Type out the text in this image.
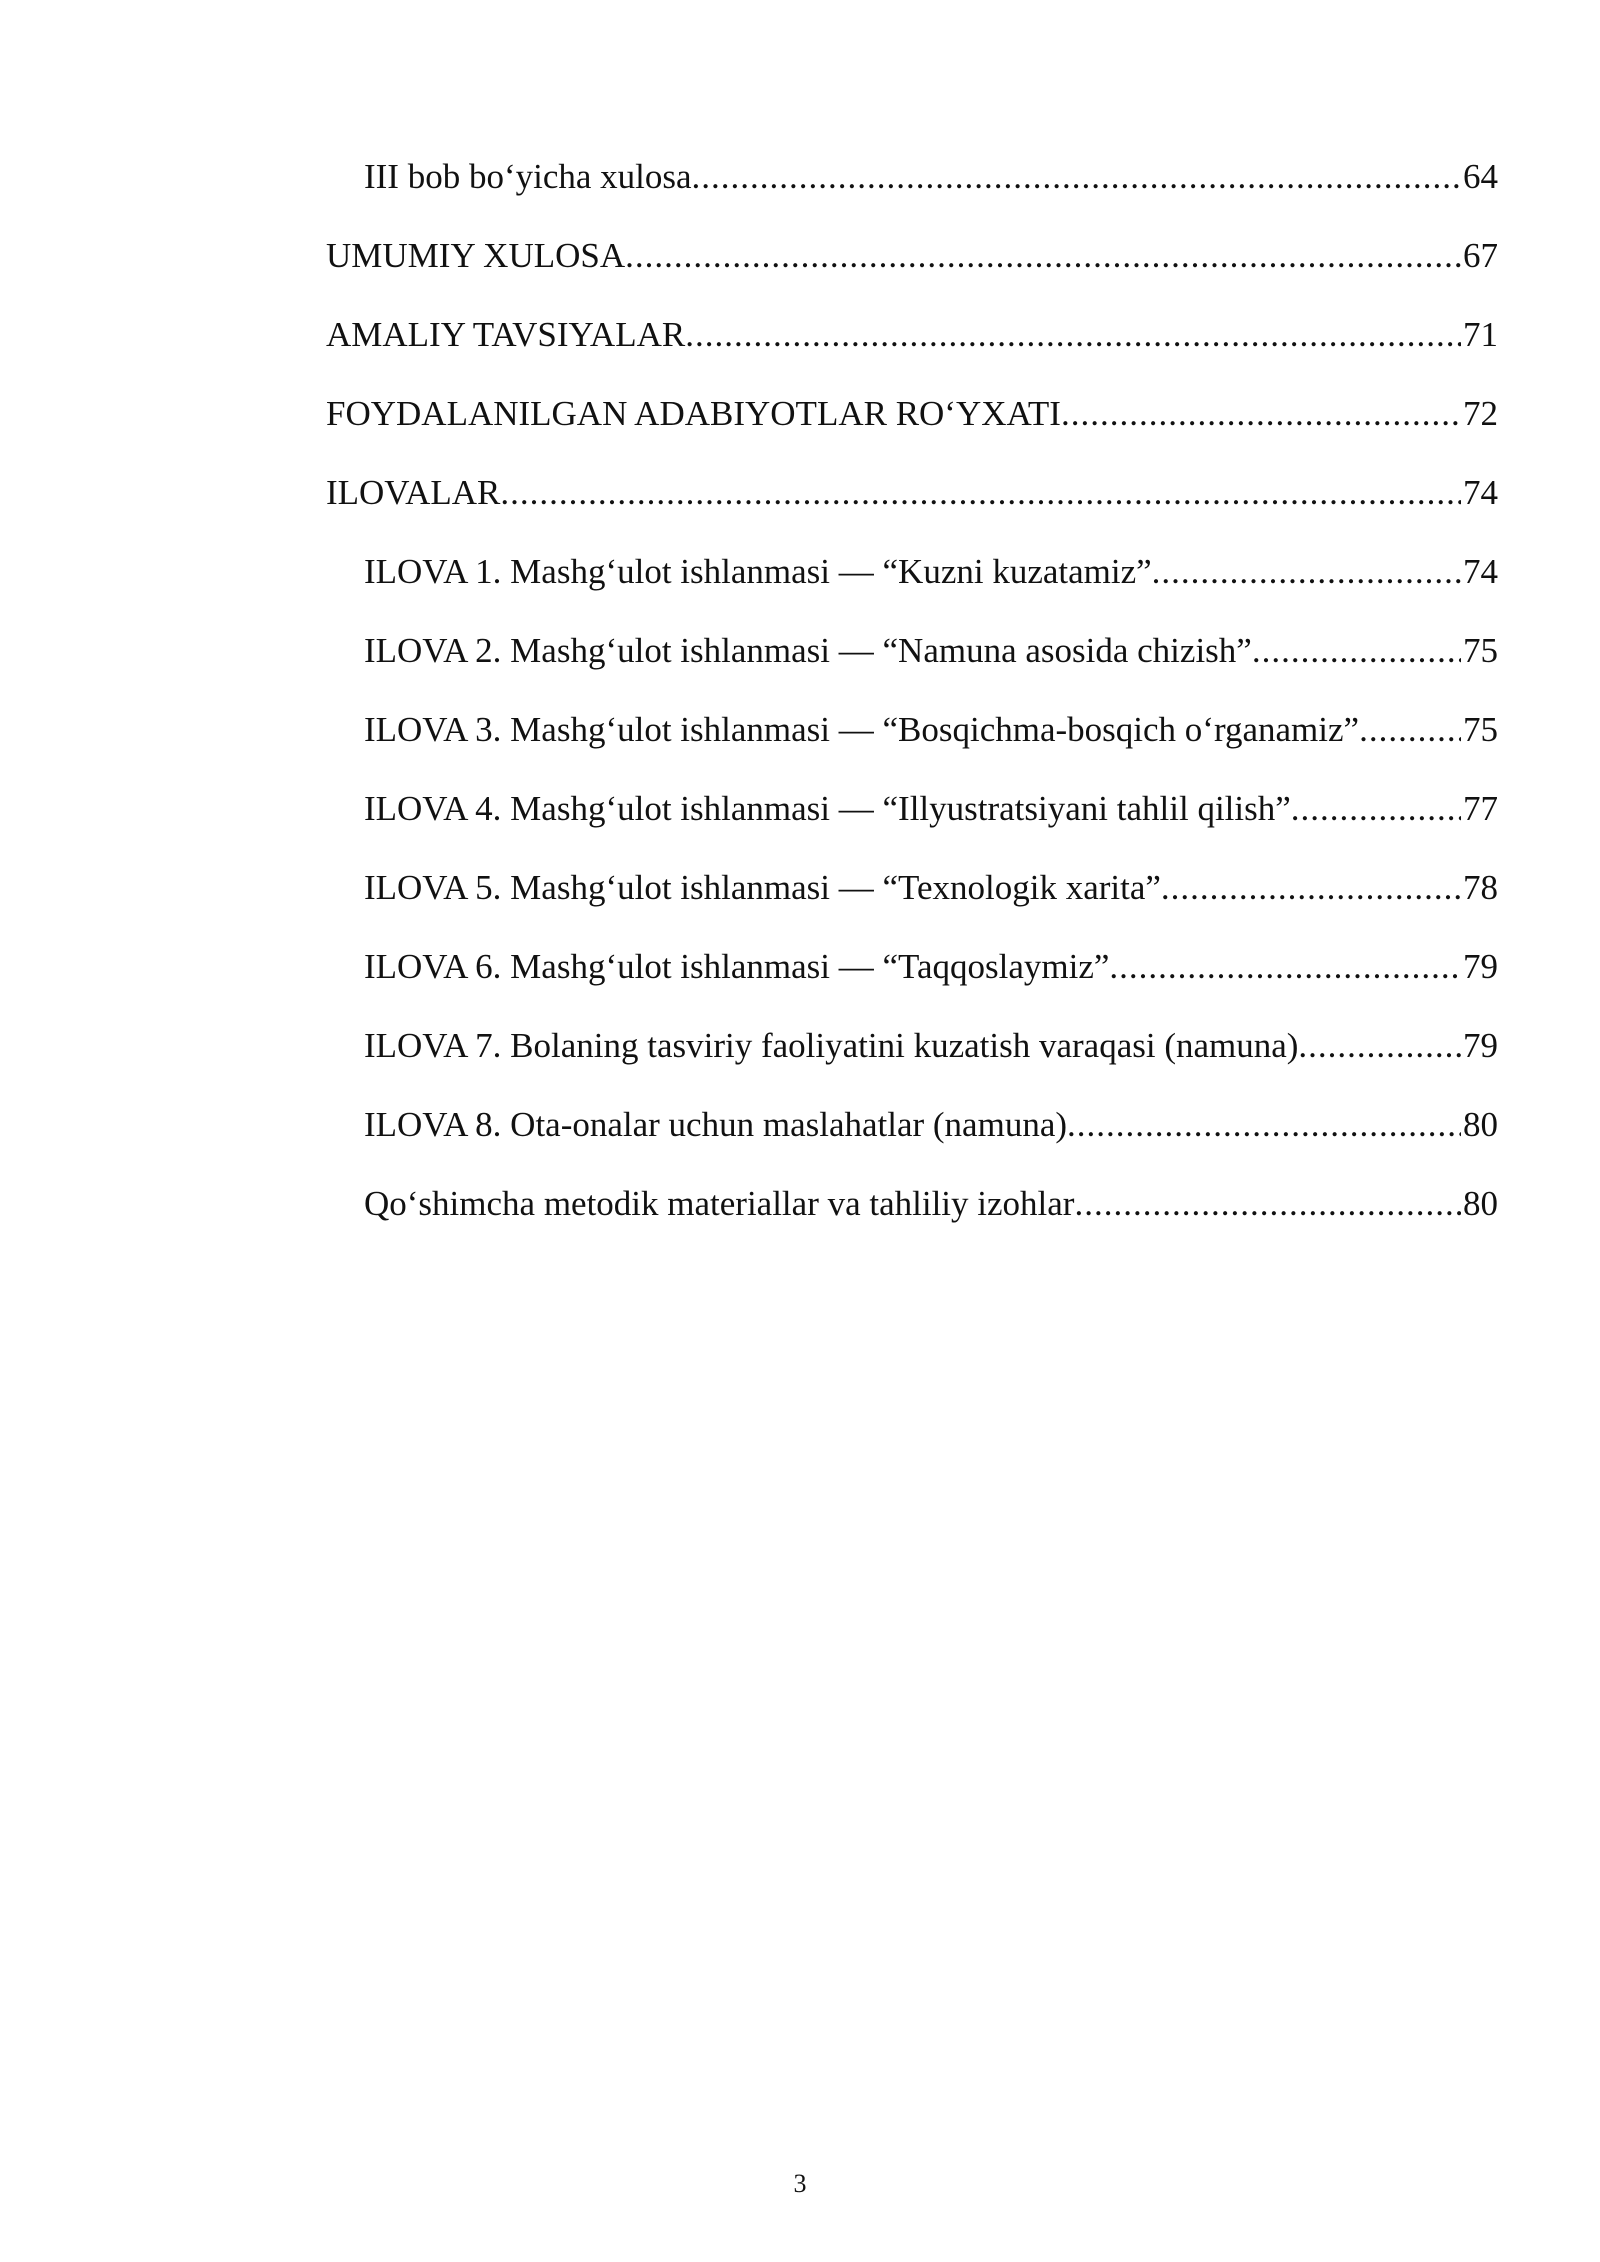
III bob bo‘yicha xulosa .....	64
UMUMIY XULOSA .....	67
AMALIY TAVSIYALAR .....	71
FOYDALANILGAN ADABIYOTLAR RO‘YXATI .....	72
ILOVALAR .....	74
ILOVA 1. Mashg‘ulot ishlanmasi — “Kuzni kuzatamiz” .....	74
ILOVA 2. Mashg‘ulot ishlanmasi — “Namuna asosida chizish” .....	75
ILOVA 3. Mashg‘ulot ishlanmasi — “Bosqichma-bosqich o‘rganamiz” .....	75
ILOVA 4. Mashg‘ulot ishlanmasi — “Illyustratsiyani tahlil qilish” .....	77
ILOVA 5. Mashg‘ulot ishlanmasi — “Texnologik xarita” .....	78
ILOVA 6. Mashg‘ulot ishlanmasi — “Taqqoslaymiz” .....	79
ILOVA 7. Bolaning tasviriy faoliyatini kuzatish varaqasi (namuna) .....	79
ILOVA 8. Ota-onalar uchun maslahatlar (namuna) .....	80
Qo‘shimcha metodik materiallar va tahliliy izohlar .....	80
3
